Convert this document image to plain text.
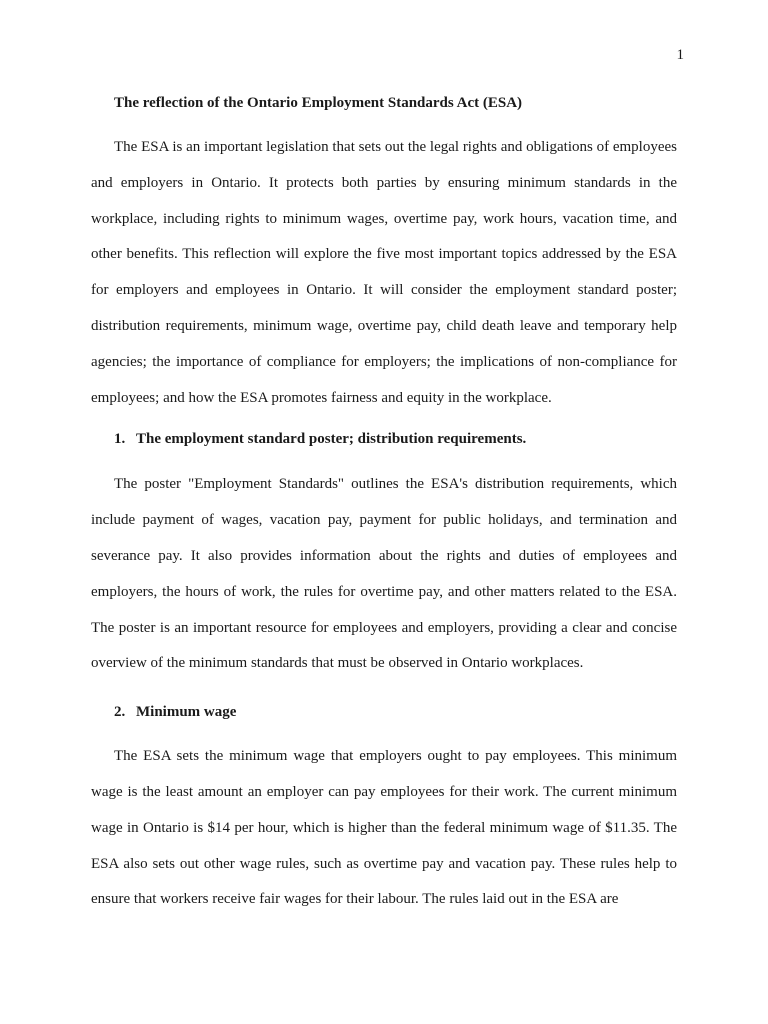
1

The reflection of the Ontario Employment Standards Act (ESA)

The ESA is an important legislation that sets out the legal rights and obligations of employees and employers in Ontario. It protects both parties by ensuring minimum standards in the workplace, including rights to minimum wages, overtime pay, work hours, vacation time, and other benefits. This reflection will explore the five most important topics addressed by the ESA for employers and employees in Ontario. It will consider the employment standard poster; distribution requirements, minimum wage, overtime pay, child death leave and temporary help agencies; the importance of compliance for employers; the implications of non-compliance for employees; and how the ESA promotes fairness and equity in the workplace.

1. The employment standard poster; distribution requirements.

The poster "Employment Standards" outlines the ESA's distribution requirements, which include payment of wages, vacation pay, payment for public holidays, and termination and severance pay. It also provides information about the rights and duties of employees and employers, the hours of work, the rules for overtime pay, and other matters related to the ESA. The poster is an important resource for employees and employers, providing a clear and concise overview of the minimum standards that must be observed in Ontario workplaces.

2. Minimum wage

The ESA sets the minimum wage that employers ought to pay employees. This minimum wage is the least amount an employer can pay employees for their work. The current minimum wage in Ontario is $14 per hour, which is higher than the federal minimum wage of $11.35. The ESA also sets out other wage rules, such as overtime pay and vacation pay. These rules help to ensure that workers receive fair wages for their labour. The rules laid out in the ESA are
